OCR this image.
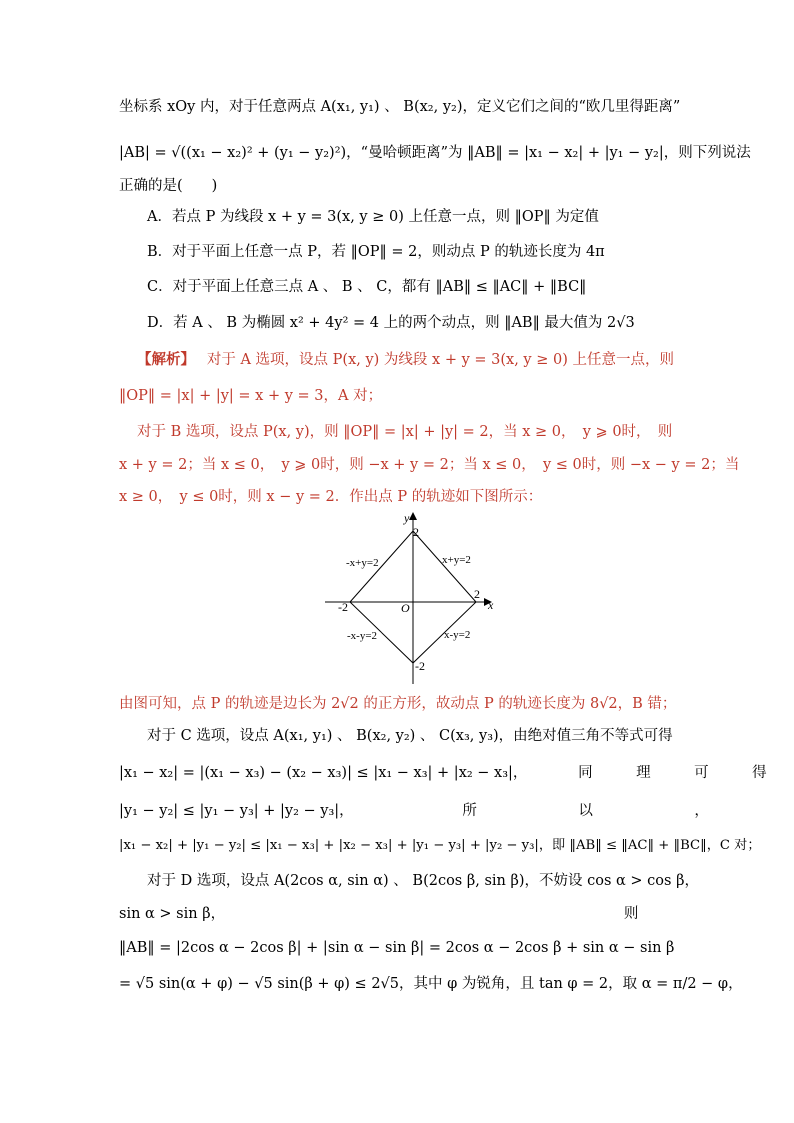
坐标系 xOy 内，对于任意两点 A(x₁, y₁) 、 B(x₂, y₂)，定义它们之间的“欧几里得距离”
|AB| = √((x₁ − x₂)² + (y₁ − y₂)²)，“曼哈顿距离”为 ‖AB‖ = |x₁ − x₂| + |y₁ − y₂|，则下列说法
正确的是(　　)
A．若点 P 为线段 x + y = 3(x, y ≥ 0) 上任意一点，则 ‖OP‖ 为定值
B．对于平面上任意一点 P，若 ‖OP‖ = 2，则动点 P 的轨迹长度为 4π
C．对于平面上任意三点 A 、 B 、 C，都有 ‖AB‖ ≤ ‖AC‖ + ‖BC‖
D．若 A 、 B 为椭圆 x² + 4y² = 4 上的两个动点，则 ‖AB‖ 最大值为 2√3
【解析】　 对于 A 选项，设点 P(x, y) 为线段 x + y = 3(x, y ≥ 0) 上任意一点，则
‖OP‖ = |x| + |y| = x + y = 3，A 对；
对于 B 选项，设点 P(x, y)，则 ‖OP‖ = |x| + |y| = 2，当 x ≥ 0，　y ⩾ 0时，　则
x + y = 2；当 x ≤ 0，　y ⩾ 0时，则 −x + y = 2；当 x ≤ 0，　y ≤ 0时，则 −x − y = 2；当
x ≥ 0，　y ≤ 0时，则 x − y = 2．作出点 P 的轨迹如下图所示：
y
x
O
2
2
-2
-2
x+y=2
-x+y=2
-x-y=2	x-y=2
由图可知，点 P 的轨迹是边长为 2√2 的正方形，故动点 P 的轨迹长度为 8√2，B 错；
对于 C 选项，设点 A(x₁, y₁) 、 B(x₂, y₂) 、 C(x₃, y₃)，由绝对值三角不等式可得
|x₁ − x₂| = |(x₁ − x₃) − (x₂ − x₃)| ≤ |x₁ − x₃| + |x₂ − x₃|，　　　　同　　　理　　　可　　　得
|y₁ − y₂| ≤ |y₁ − y₃| + |y₂ − y₃|，　　　　　　　　所　　　　　　　以　　　　　　　，
|x₁ − x₂| + |y₁ − y₂| ≤ |x₁ − x₃| + |x₂ − x₃| + |y₁ − y₃| + |y₂ − y₃|，即 ‖AB‖ ≤ ‖AC‖ + ‖BC‖，C 对；
对于 D 选项，设点 A(2cos α, sin α) 、 B(2cos β, sin β)，不妨设 cos α > cos β，
sin α > sin β，　　　　　　　　　　　　　　　　　　　　　　　　　　　　则
‖AB‖ = |2cos α − 2cos β| + |sin α − sin β| = 2cos α − 2cos β + sin α − sin β
= √5 sin(α + φ) − √5 sin(β + φ) ≤ 2√5，其中 φ 为锐角，且 tan φ = 2，取 α = π/2 − φ，
